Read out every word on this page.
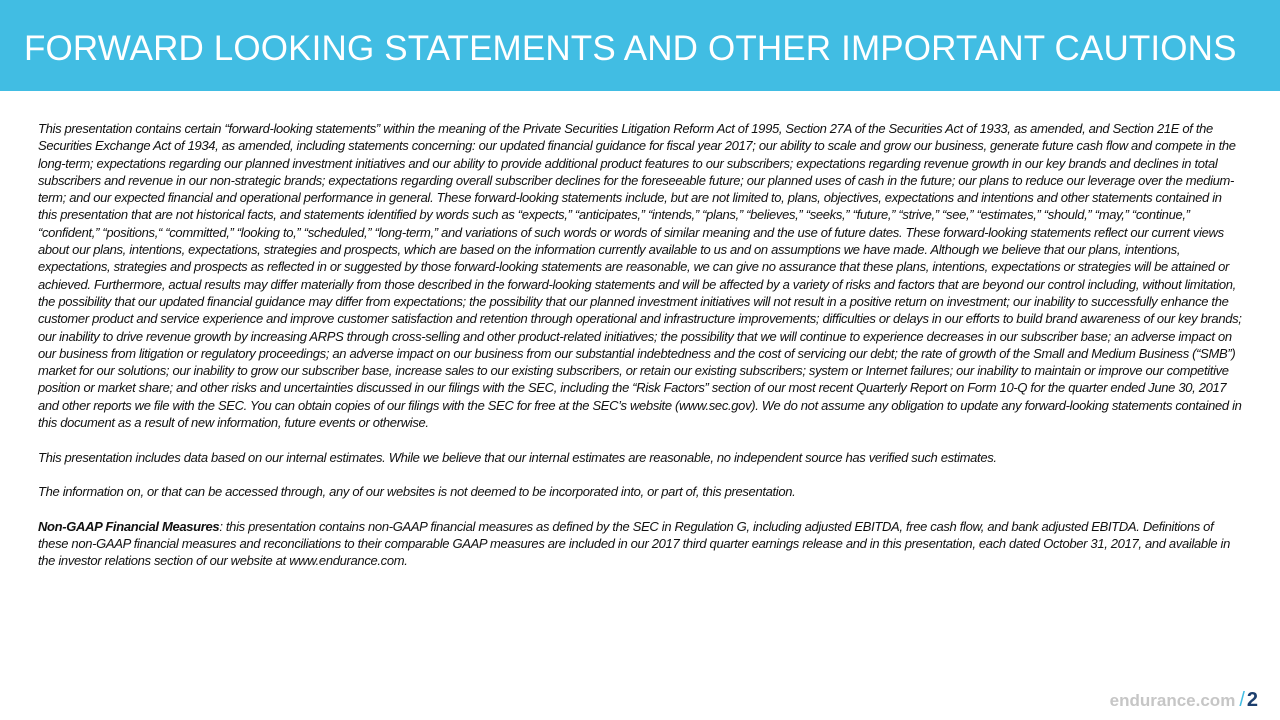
FORWARD LOOKING STATEMENTS AND OTHER IMPORTANT CAUTIONS

This presentation contains certain “forward-looking statements” within the meaning of the Private Securities Litigation Reform Act of 1995, Section 27A of the Securities Act of 1933, as amended, and Section 21E of the Securities Exchange Act of 1934, as amended, including statements concerning: our updated financial guidance for fiscal year 2017; our ability to scale and grow our business, generate future cash flow and compete in the long-term; expectations regarding our planned investment initiatives and our ability to provide additional product features to our subscribers; expectations regarding revenue growth in our key brands and declines in total subscribers and revenue in our non-strategic brands; expectations regarding overall subscriber declines for the foreseeable future; our planned uses of cash in the future; our plans to reduce our leverage over the medium-term; and our expected financial and operational performance in general. These forward-looking statements include, but are not limited to, plans, objectives, expectations and intentions and other statements contained in this presentation that are not historical facts, and statements identified by words such as “expects,” “anticipates,” “intends,” “plans,” “believes,” “seeks,” “future,” “strive,” “see,” “estimates,” “should,” “may,” “continue,” “confident,” “positions,“ “committed,” “looking to,” “scheduled,” “long-term,” and variations of such words or words of similar meaning and the use of future dates. These forward-looking statements reflect our current views about our plans, intentions, expectations, strategies and prospects, which are based on the information currently available to us and on assumptions we have made. Although we believe that our plans, intentions, expectations, strategies and prospects as reflected in or suggested by those forward-looking statements are reasonable, we can give no assurance that these plans, intentions, expectations or strategies will be attained or achieved. Furthermore, actual results may differ materially from those described in the forward-looking statements and will be affected by a variety of risks and factors that are beyond our control including, without limitation, the possibility that our updated financial guidance may differ from expectations; the possibility that our planned investment initiatives will not result in a positive return on investment; our inability to successfully enhance the customer product and service experience and improve customer satisfaction and retention through operational and infrastructure improvements; difficulties or delays in our efforts to build brand awareness of our key brands; our inability to drive revenue growth by increasing ARPS through cross-selling and other product-related initiatives; the possibility that we will continue to experience decreases in our subscriber base; an adverse impact on our business from litigation or regulatory proceedings; an adverse impact on our business from our substantial indebtedness and the cost of servicing our debt; the rate of growth of the Small and Medium Business (“SMB”) market for our solutions; our inability to grow our subscriber base, increase sales to our existing subscribers, or retain our existing subscribers; system or Internet failures; our inability to maintain or improve our competitive position or market share; and other risks and uncertainties discussed in our filings with the SEC, including the “Risk Factors” section of our most recent Quarterly Report on Form 10-Q for the quarter ended June 30, 2017 and other reports we file with the SEC. You can obtain copies of our filings with the SEC for free at the SEC’s website (www.sec.gov). We do not assume any obligation to update any forward-looking statements contained in this document as a result of new information, future events or otherwise.

This presentation includes data based on our internal estimates. While we believe that our internal estimates are reasonable, no independent source has verified such estimates.

The information on, or that can be accessed through, any of our websites is not deemed to be incorporated into, or part of, this presentation.

Non-GAAP Financial Measures: this presentation contains non-GAAP financial measures as defined by the SEC in Regulation G, including adjusted EBITDA, free cash flow, and bank adjusted EBITDA. Definitions of these non-GAAP financial measures and reconciliations to their comparable GAAP measures are included in our 2017 third quarter earnings release and in this presentation, each dated October 31, 2017, and available in the investor relations section of our website at www.endurance.com.

endurance.com / 2
